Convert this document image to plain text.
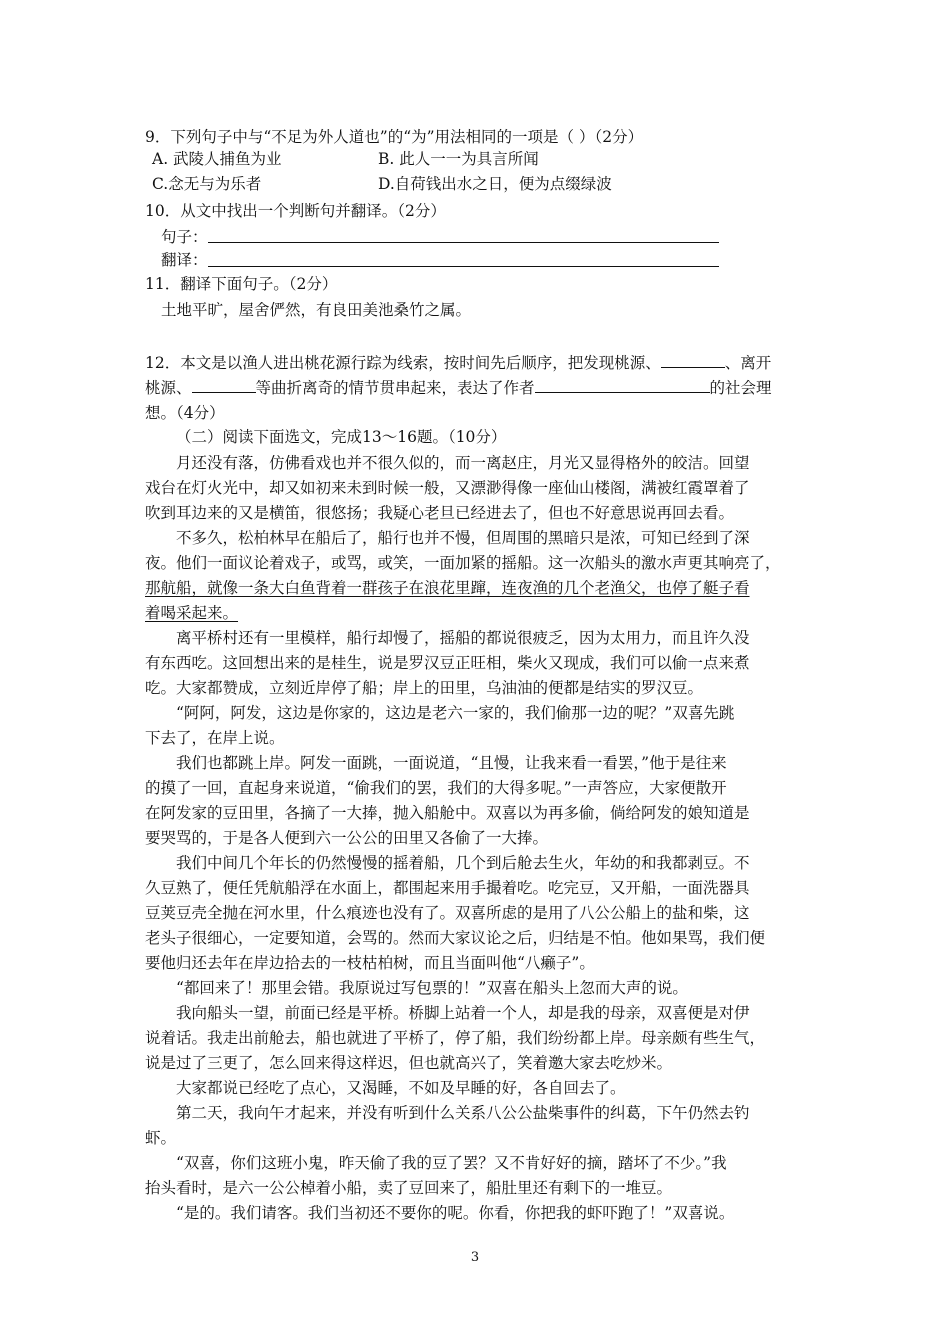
9．下列句子中与“不足为外人道也”的“为”用法相同的一项是（ ）（2分）
A. 武陵人捕鱼为业	B. 此人一一为具言所闻
C.念无与为乐者	D.自荷钱出水之日，便为点缀绿波
10．从文中找出一个判断句并翻译。（2分）
句子：
翻译：
11．翻译下面句子。（2分）
土地平旷，屋舍俨然，有良田美池桑竹之属。
12．本文是以渔人进出桃花源行踪为线索，按时间先后顺序，把发现桃源、	、离开
桃源、	等曲折离奇的情节贯串起来，表达了作者	的社会理
想。（4分）
（二）阅读下面选文，完成13～16题。（10分）
月还没有落，仿佛看戏也并不很久似的，而一离赵庄，月光又显得格外的皎洁。回望
戏台在灯火光中，却又如初来未到时候一般，又漂渺得像一座仙山楼阁，满被红霞罩着了
吹到耳边来的又是横笛，很悠扬；我疑心老旦已经进去了，但也不好意思说再回去看。
不多久，松柏林早在船后了，船行也并不慢，但周围的黑暗只是浓，可知已经到了深
夜。他们一面议论着戏子，或骂，或笑，一面加紧的摇船。这一次船头的激水声更其响亮了，
那航船，就像一条大白鱼背着一群孩子在浪花里蹿，连夜渔的几个老渔父，也停了艇子看
着喝采起来。
离平桥村还有一里模样，船行却慢了，摇船的都说很疲乏，因为太用力，而且许久没
有东西吃。这回想出来的是桂生，说是罗汉豆正旺相，柴火又现成，我们可以偷一点来煮
吃。大家都赞成，立刻近岸停了船；岸上的田里，乌油油的便都是结实的罗汉豆。
“阿阿，阿发，这边是你家的，这边是老六一家的，我们偷那一边的呢？”双喜先跳
下去了，在岸上说。
我们也都跳上岸。阿发一面跳，一面说道，“且慢，让我来看一看罢，”他于是往来
的摸了一回，直起身来说道，“偷我们的罢，我们的大得多呢。”一声答应，大家便散开
在阿发家的豆田里，各摘了一大捧，抛入船舱中。双喜以为再多偷，倘给阿发的娘知道是
要哭骂的，于是各人便到六一公公的田里又各偷了一大捧。
我们中间几个年长的仍然慢慢的摇着船，几个到后舱去生火，年幼的和我都剥豆。不
久豆熟了，便任凭航船浮在水面上，都围起来用手撮着吃。吃完豆，又开船，一面洗器具
豆荚豆壳全抛在河水里，什么痕迹也没有了。双喜所虑的是用了八公公船上的盐和柴，这
老头子很细心，一定要知道，会骂的。然而大家议论之后，归结是不怕。他如果骂，我们便
要他归还去年在岸边拾去的一枝枯柏树，而且当面叫他“八癞子”。
“都回来了！那里会错。我原说过写包票的！”双喜在船头上忽而大声的说。
我向船头一望，前面已经是平桥。桥脚上站着一个人，却是我的母亲，双喜便是对伊
说着话。我走出前舱去，船也就进了平桥了，停了船，我们纷纷都上岸。母亲颇有些生气，
说是过了三更了，怎么回来得这样迟，但也就高兴了，笑着邀大家去吃炒米。
大家都说已经吃了点心，又渴睡，不如及早睡的好，各自回去了。
第二天，我向午才起来，并没有听到什么关系八公公盐柴事件的纠葛，下午仍然去钓
虾。
“双喜，你们这班小鬼，昨天偷了我的豆了罢？又不肯好好的摘，踏坏了不少。”我
抬头看时，是六一公公棹着小船，卖了豆回来了，船肚里还有剩下的一堆豆。
“是的。我们请客。我们当初还不要你的呢。你看，你把我的虾吓跑了！”双喜说。
3
